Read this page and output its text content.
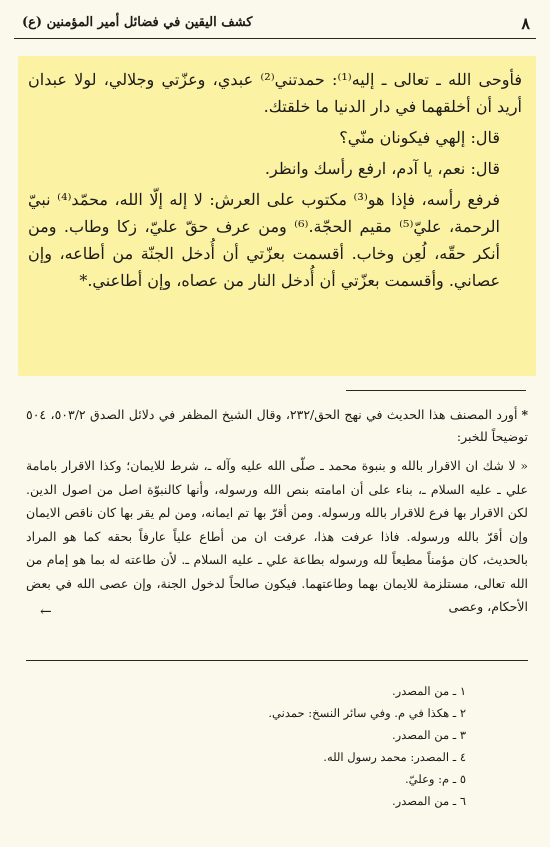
٨
كشف اليقين في فضائل أمير المؤمنين (ع)

فأوحى الله ـ تعالى ـ إليه⁽¹⁾: حمدتني⁽²⁾ عبدي، وعزّتي وجلالي، لولا عبدان أريد أن أخلقهما في دار الدنيا ما خلقتك.

قال: إلهي فيكونان منّي؟

قال: نعم، يا آدم، ارفع رأسك وانظر.

فرفع رأسه، فإذا هو⁽³⁾ مكتوب على العرش: لا إله إلّا الله، محمّد⁽⁴⁾ نبيّ الرحمة، عليّ⁽⁵⁾ مقيم الحجّة.⁽⁶⁾ ومن عرف حقّ عليّ، زكا وطاب. ومن أنكر حقّه، لُعِن وخاب. أقسمت بعزّتي أن أُدخل الجنّة من أطاعه، وإن عصاني. وأقسمت بعزّتي أن أُدخل النار من عصاه، وإن أطاعني.*

*أورد المصنف هذا الحديث في نهج الحق/٢٣٢، وقال الشيخ المظفر في دلائل الصدق ٥٠٣/٢، ٥٠٤ توضيحاً للخبر:

« لا شك ان الاقرار بالله و بنبوة محمد ـ صلّى الله عليه وآله ـ، شرط للايمان؛ وكذا الاقرار بامامة علي ـ عليه السلام ـ، بناء على أن امامته بنص الله ورسوله، وأنها كالنبوّة اصل من اصول الدين. لكن الاقرار بها فرع للاقرار بالله ورسوله. ومن أقرّ بها تم ايمانه، ومن لم يقر بها كان ناقص الايمان وإن أقرّ بالله ورسوله. فاذا عرفت هذا، عرفت ان من أطاع علياً عارفاً بحقه كما هو المراد بالحديث، كان مؤمناً مطيعاً لله ورسوله بطاعة علي ـ عليه السلام ـ. لأن طاعته له بما هو إمام من الله تعالى، مستلزمة للايمان بهما وطاعتهما. فيكون صالحاً لدخول الجنة، وإن عصى الله في بعض الأحكام، وعصى

←
١ ـ من المصدر.
٢ ـ هكذا في م. وفي سائر النسخ: حمدني.
٣ ـ من المصدر.
٤ ـ المصدر: محمد رسول الله.
٥ ـ م: وعليّ.
٦ ـ من المصدر.
